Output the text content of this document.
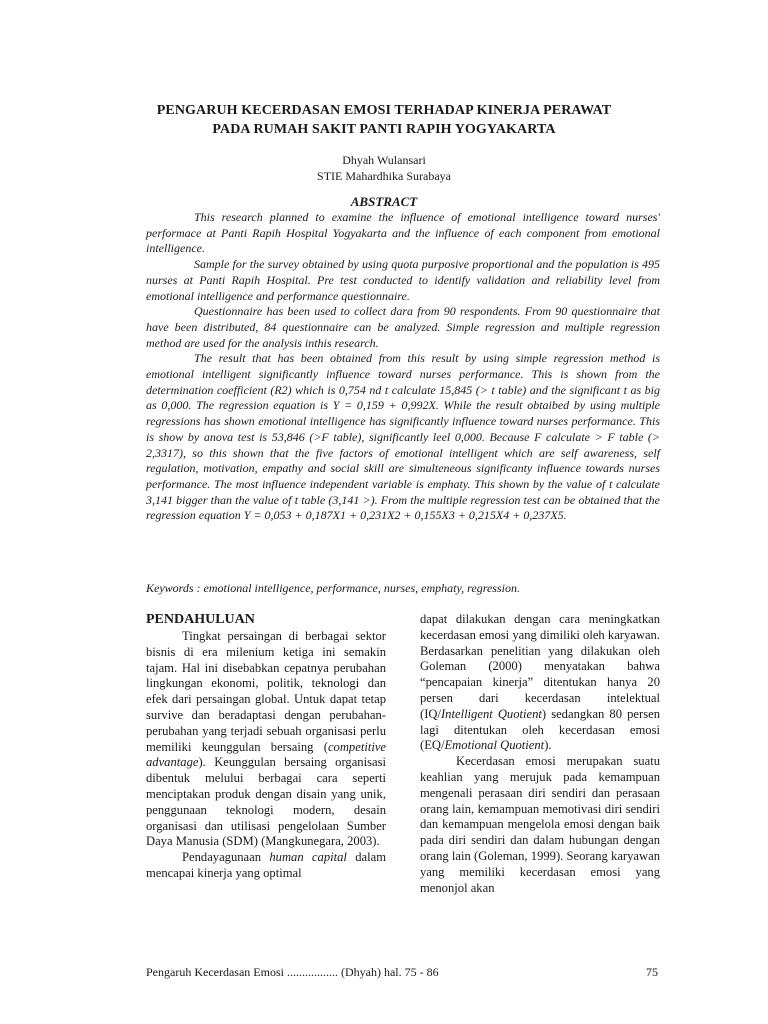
PENGARUH KECERDASAN EMOSI TERHADAP KINERJA PERAWAT
PADA RUMAH SAKIT PANTI RAPIH YOGYAKARTA
Dhyah Wulansari
STIE Mahardhika Surabaya
ABSTRACT

This research planned to examine the influence of emotional intelligence toward nurses' performace at Panti Rapih Hospital Yogyakarta and the influence of each component from emotional intelligence.

Sample for the survey obtained by using quota purposive proportional and the population is 495 nurses at Panti Rapih Hospital. Pre test conducted to identify validation and reliability level from emotional intelligence and performance questionnaire.

Questionnaire has been used to collect dara from 90 respondents. From 90 questionnaire that have been distributed, 84 questionnaire can be analyzed. Simple regression and multiple regression method are used for the analysis inthis research.

The result that has been obtained from this result by using simple regression method is emotional intelligent significantly influence toward nurses performance. This is shown from the determination coefficient (R2) which is 0,754 nd t calculate 15,845 (> t table) and the significant t as big as 0,000. The regression equation is Y = 0,159 + 0,992X. While the result obtaibed by using multiple regressions has shown emotional intelligence has significantly influence toward nurses performance. This is show by anova test is 53,846 (>F table), significantly leel 0,000. Because F calculate > F table (> 2,3317), so this shown that the five factors of emotional intelligent which are self awareness, self regulation, motivation, empathy and social skill are simulteneous significanty influence towards nurses performance. The most influence independent variable is emphaty. This shown by the value of t calculate 3,141 bigger than the value of t table (3,141 >). From the multiple regression test can be obtained that the regression equation Y = 0,053 + 0,187X1 + 0,231X2 + 0,155X3 + 0,215X4 + 0,237X5.

Keywords : emotional intelligence, performance, nurses, emphaty, regression.
PENDAHULUAN

Tingkat persaingan di berbagai sektor bisnis di era milenium ketiga ini semakin tajam. Hal ini disebabkan cepatnya perubahan lingkungan ekonomi, politik, teknologi dan efek dari persaingan global. Untuk dapat tetap survive dan beradaptasi dengan perubahan-perubahan yang terjadi sebuah organisasi perlu memiliki keunggulan bersaing (competitive advantage). Keunggulan bersaing organisasi dibentuk melului berbagai cara seperti menciptakan produk dengan disain yang unik, penggunaan teknologi modern, desain organisasi dan utilisasi pengelolaan Sumber Daya Manusia (SDM) (Mangkunegara, 2003).

Pendayagunaan human capital dalam mencapai kinerja yang optimal

dapat dilakukan dengan cara meningkatkan kecerdasan emosi yang dimiliki oleh karyawan. Berdasarkan penelitian yang dilakukan oleh Goleman (2000) menyatakan bahwa “pencapaian kinerja” ditentukan hanya 20 persen dari kecerdasan intelektual (IQ/Intelligent Quotient) sedangkan 80 persen lagi ditentukan oleh kecerdasan emosi (EQ/Emotional Quotient).

Kecerdasan emosi merupakan suatu keahlian yang merujuk pada kemampuan mengenali perasaan diri sendiri dan perasaan orang lain, kemampuan memotivasi diri sendiri dan kemampuan mengelola emosi dengan baik pada diri sendiri dan dalam hubungan dengan orang lain (Goleman, 1999). Seorang karyawan yang memiliki kecerdasan emosi yang menonjol akan

Pengaruh Kecerdasan Emosi ................. (Dhyah) hal. 75 - 86	75
